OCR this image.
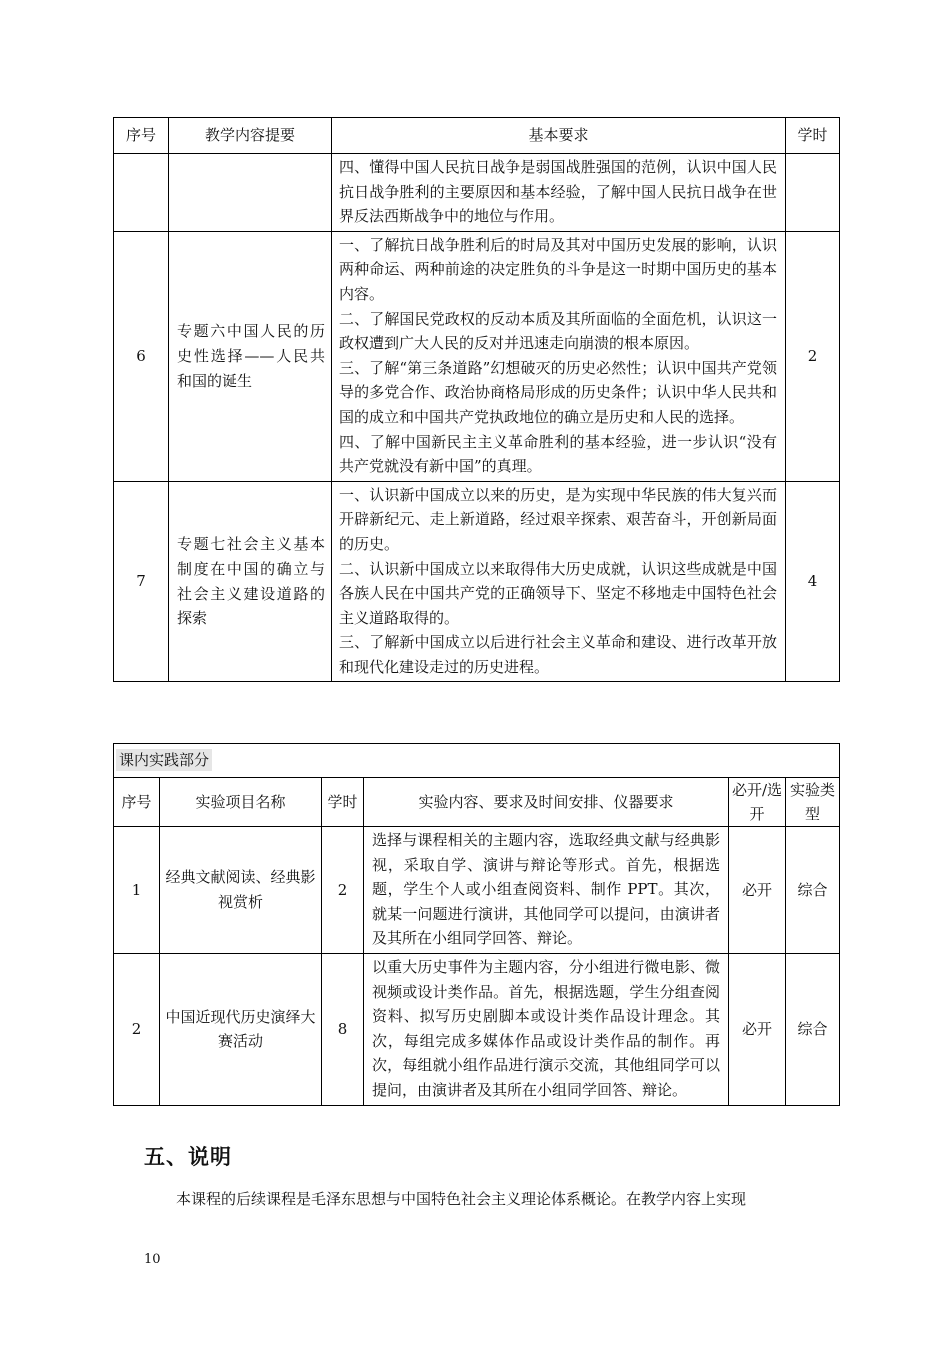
序号	教学内容提要	基本要求	学时

		四、懂得中国人民抗日战争是弱国战胜强国的范例，认识中国人民抗日战争胜利的主要原因和基本经验，了解中国人民抗日战争在世界反法西斯战争中的地位与作用。	

6	专题六中国人民的历史性选择——人民共和国的诞生	一、了解抗日战争胜利后的时局及其对中国历史发展的影响，认识两种命运、两种前途的决定胜负的斗争是这一时期中国历史的基本内容。

二、了解国民党政权的反动本质及其所面临的全面危机，认识这一政权遭到广大人民的反对并迅速走向崩溃的根本原因。

三、了解“第三条道路”幻想破灭的历史必然性；认识中国共产党领导的多党合作、政治协商格局形成的历史条件；认识中华人民共和国的成立和中国共产党执政地位的确立是历史和人民的选择。

四、了解中国新民主主义革命胜利的基本经验，进一步认识“没有共产党就没有新中国”的真理。	2
7	专题七社会主义基本制度在中国的确立与社会主义建设道路的探索	一、认识新中国成立以来的历史，是为实现中华民族的伟大复兴而开辟新纪元、走上新道路，经过艰辛探索、艰苦奋斗，开创新局面的历史。

二、认识新中国成立以来取得伟大历史成就，认识这些成就是中国各族人民在中国共产党的正确领导下、坚定不移地走中国特色社会主义道路取得的。

三、了解新中国成立以后进行社会主义革命和建设、进行改革开放和现代化建设走过的历史进程。	4
课内实践部分					
序号	实验项目名称	学时	实验内容、要求及时间安排、仪器要求	必开/选开	实验类型
1	经典文献阅读、经典影视赏析	2	选择与课程相关的主题内容，选取经典文献与经典影视，采取自学、演讲与辩论等形式。首先，根据选题，学生个人或小组查阅资料、制作 PPT。其次，就某一问题进行演讲，其他同学可以提问，由演讲者及其所在小组同学回答、辩论。	必开	综合
2	中国近现代历史演绎大赛活动	8	以重大历史事件为主题内容，分小组进行微电影、微视频或设计类作品。首先，根据选题，学生分组查阅资料、拟写历史剧脚本或设计类作品设计理念。其次，每组完成多媒体作品或设计类作品的制作。再次，每组就小组作品进行演示交流，其他组同学可以提问，由演讲者及其所在小组同学回答、辩论。	必开	综合
五、说明

本课程的后续课程是毛泽东思想与中国特色社会主义理论体系概论。在教学内容上实现

10
